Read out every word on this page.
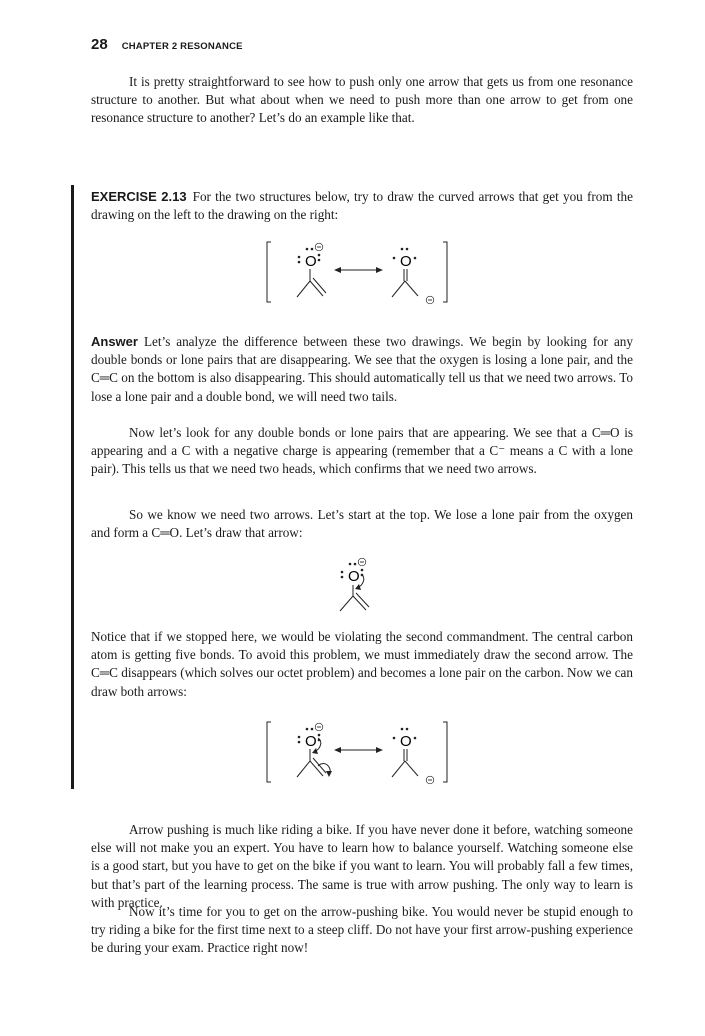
28 CHAPTER 2 RESONANCE

It is pretty straightforward to see how to push only one arrow that gets us from one resonance structure to another. But what about when we need to push more than one arrow to get from one resonance structure to another? Let’s do an example like that.

EXERCISE 2.13 For the two structures below, try to draw the curved arrows that get you from the drawing on the left to the drawing on the right:

O	O

Answer Let’s analyze the difference between these two drawings. We begin by looking for any double bonds or lone pairs that are disappearing. We see that the oxygen is losing a lone pair, and the C═C on the bottom is also disappearing. This should automatically tell us that we need two arrows. To lose a lone pair and a double bond, we will need two tails.

Now let’s look for any double bonds or lone pairs that are appearing. We see that a C═O is appearing and a C with a negative charge is appearing (remember that a C⁻ means a C with a lone pair). This tells us that we need two heads, which confirms that we need two arrows.

So we know we need two arrows. Let’s start at the top. We lose a lone pair from the oxygen and form a C═O. Let’s draw that arrow:

O

Notice that if we stopped here, we would be violating the second commandment. The central carbon atom is getting five bonds. To avoid this problem, we must immediately draw the second arrow. The C═C disappears (which solves our octet problem) and becomes a lone pair on the carbon. Now we can draw both arrows:

O	O

Arrow pushing is much like riding a bike. If you have never done it before, watching someone else will not make you an expert. You have to learn how to balance yourself. Watching someone else is a good start, but you have to get on the bike if you want to learn. You will probably fall a few times, but that’s part of the learning process. The same is true with arrow pushing. The only way to learn is with practice.

Now it’s time for you to get on the arrow-pushing bike. You would never be stupid enough to try riding a bike for the first time next to a steep cliff. Do not have your first arrow-pushing experience be during your exam. Practice right now!
